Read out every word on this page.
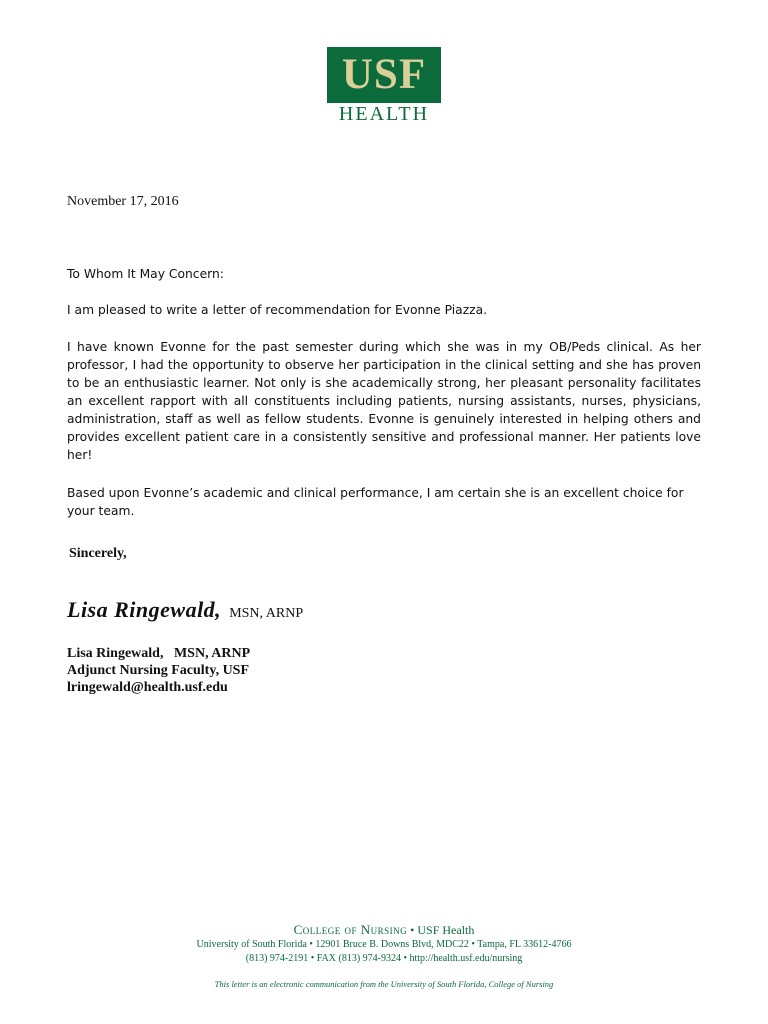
USF
HEALTH
November 17, 2016
To Whom It May Concern:
I am pleased to write a letter of recommendation for Evonne Piazza.
I have known Evonne for the past semester during which she was in my OB/Peds clinical. As her professor, I had the opportunity to observe her participation in the clinical setting and she has proven to be an enthusiastic learner. Not only is she academically strong, her pleasant personality facilitates an excellent rapport with all constituents including patients, nursing assistants, nurses, physicians, administration, staff as well as fellow students. Evonne is genuinely interested in helping others and provides excellent patient care in a consistently sensitive and professional manner. Her patients love her!
Based upon Evonne’s academic and clinical performance, I am certain she is an excellent choice for your team.
Sincerely,
Lisa Ringewald, MSN, ARNP
Lisa Ringewald,   MSN, ARNP
Adjunct Nursing Faculty, USF
lringewald@health.usf.edu
College of Nursing • USF Health
University of South Florida • 12901 Bruce B. Downs Blvd, MDC22 • Tampa, FL 33612-4766
(813) 974-2191 • FAX (813) 974-9324 • http://health.usf.edu/nursing
This letter is an electronic communication from the University of South Florida, College of Nursing
